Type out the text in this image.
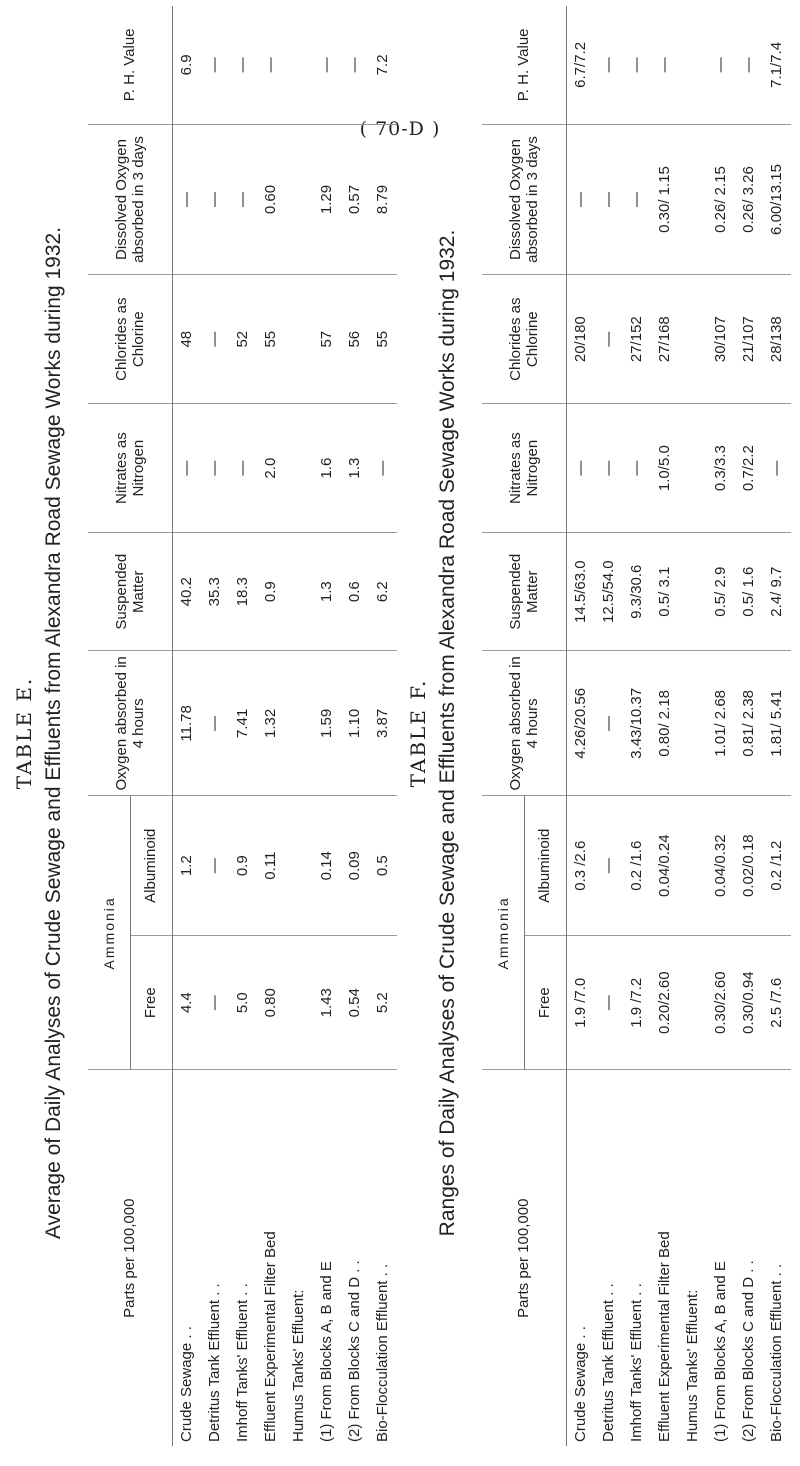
( 70-D )
TABLE E. Average of Daily Analyses of Crude Sewage and Effluents from Alexandra Road Sewage Works during 1932.
Parts per 100,000	Ammonia		Oxygen absorbed in 4 hours	Suspended Matter	Nitrates as Nitrogen	Chlorides as Chlorine	Dissolved Oxygen absorbed in 3 days	P. H. Value
	Free	Albuminoid						
Crude Sewage . .	4.4	1.2	11.78	40.2	—	48	—	6.9
Detritus Tank Effluent . .	—	—	—	35.3	—	—	—	—
Imhoff Tanks' Effluent . .	5.0	0.9	7.41	18.3	—	52	—	—
Effluent Experimental Filter Bed	0.80	0.11	1.32	0.9	2.0	55	0.60	—
Humus Tanks' Effluent:								
(1) From Blocks A, B and E	1.43	0.14	1.59	1.3	1.6	57	1.29	—
(2) From Blocks C and D . .	0.54	0.09	1.10	0.6	1.3	56	0.57	—
Bio-Flocculation Effluent . .	5.2	0.5	3.87	6.2	—	55	8.79	7.2
TABLE F. Ranges of Daily Analyses of Crude Sewage and Effluents from Alexandra Road Sewage Works during 1932.
Parts per 100,000	Ammonia		Oxygen absorbed in 4 hours	Suspended Matter	Nitrates as Nitrogen	Chlorides as Chlorine	Dissolved Oxygen absorbed in 3 days	P. H. Value
	Free	Albuminoid						
Crude Sewage . .	1.9 /7.0	0.3 /2.6	4.26/20.56	14.5/63.0	—	20/180	—	6.7/7.2
Detritus Tank Effluent . .	—	—	—	12.5/54.0	—	—	—	—
Imhoff Tanks' Effluent . .	1.9 /7.2	0.2 /1.6	3.43/10.37	9.3/30.6	—	27/152	—	—
Effluent Experimental Filter Bed	0.20/2.60	0.04/0.24	0.80/ 2.18	0.5/ 3.1	1.0/5.0	27/168	0.30/ 1.15	—
Humus Tanks' Effluent:								
(1) From Blocks A, B and E	0.30/2.60	0.04/0.32	1.01/ 2.68	0.5/ 2.9	0.3/3.3	30/107	0.26/ 2.15	—
(2) From Blocks C and D . .	0.30/0.94	0.02/0.18	0.81/ 2.38	0.5/ 1.6	0.7/2.2	21/107	0.26/ 3.26	—
Bio-Flocculation Effluent . .	2.5 /7.6	0.2 /1.2	1.81/ 5.41	2.4/ 9.7	—	28/138	6.00/13.15	7.1/7.4
